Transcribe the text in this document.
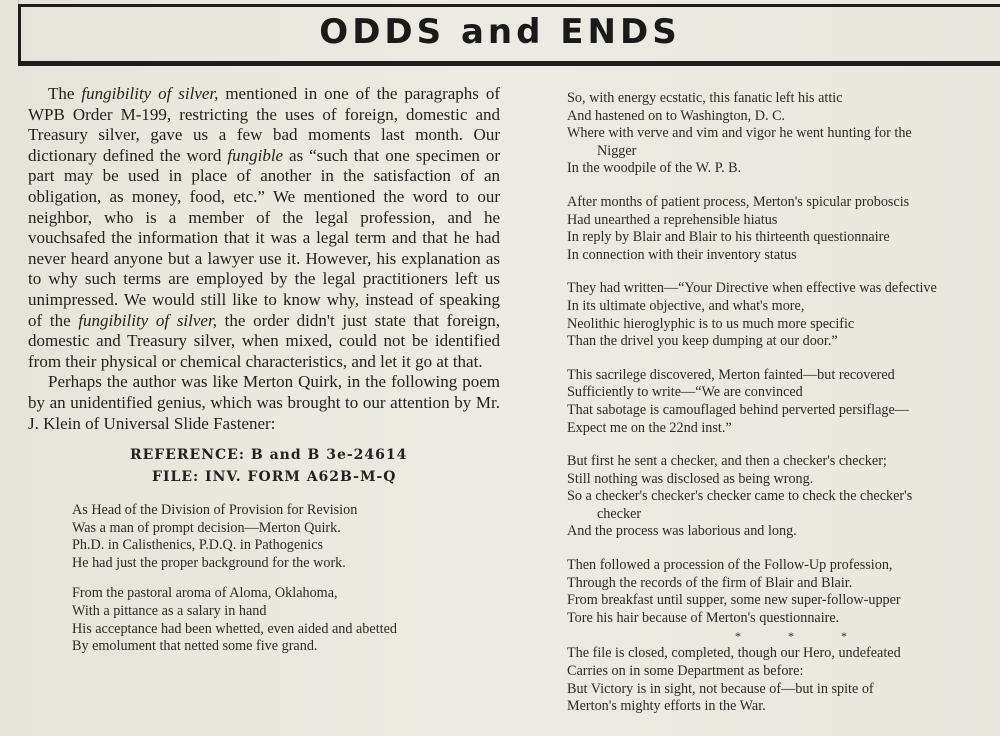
ODDS and ENDS

The fungibility of silver, mentioned in one of the paragraphs of WPB Order M-199, restricting the uses of foreign, domestic and Treasury silver, gave us a few bad moments last month. Our dictionary defined the word fungible as “such that one specimen or part may be used in place of another in the satisfaction of an obligation, as money, food, etc.” We mentioned the word to our neighbor, who is a member of the legal profession, and he vouchsafed the information that it was a legal term and that he had never heard anyone but a lawyer use it. However, his explanation as to why such terms are employed by the legal practitioners left us unimpressed. We would still like to know why, instead of speaking of the fungibility of silver, the order didn't just state that foreign, domestic and Treasury silver, when mixed, could not be identified from their physical or chemical characteristics, and let it go at that.

Perhaps the author was like Merton Quirk, in the following poem by an unidentified genius, which was brought to our attention by Mr. J. Klein of Universal Slide Fastener:

REFERENCE: B and B 3e-24614
FILE: INV. FORM A62B-M-Q
As Head of the Division of Provision for Revision
Was a man of prompt decision—Merton Quirk.
Ph.D. in Calisthenics, P.D.Q. in Pathogenics
He had just the proper background for the work.
From the pastoral aroma of Aloma, Oklahoma,
With a pittance as a salary in hand
His acceptance had been whetted, even aided and abetted
By emolument that netted some five grand.
So, with energy ecstatic, this fanatic left his attic
And hastened on to Washington, D. C.
Where with verve and vim and vigor he went hunting for the
Nigger
In the woodpile of the W. P. B.
After months of patient process, Merton's spicular proboscis
Had unearthed a reprehensible hiatus
In reply by Blair and Blair to his thirteenth questionnaire
In connection with their inventory status
They had written—“Your Directive when effective was defective
In its ultimate objective, and what's more,
Neolithic hieroglyphic is to us much more specific
Than the drivel you keep dumping at our door.”
This sacrilege discovered, Merton fainted—but recovered
Sufficiently to write—“We are convinced
That sabotage is camouflaged behind perverted persiflage—
Expect me on the 22nd inst.”
But first he sent a checker, and then a checker's checker;
Still nothing was disclosed as being wrong.
So a checker's checker's checker came to check the checker's
checker
And the process was laborious and long.
Then followed a procession of the Follow-Up profession,
Through the records of the firm of Blair and Blair.
From breakfast until supper, some new super-follow-upper
Tore his hair because of Merton's questionnaire.
* * *
The file is closed, completed, though our Hero, undefeated
Carries on in some Department as before:
But Victory is in sight, not because of—but in spite of
Merton's mighty efforts in the War.
